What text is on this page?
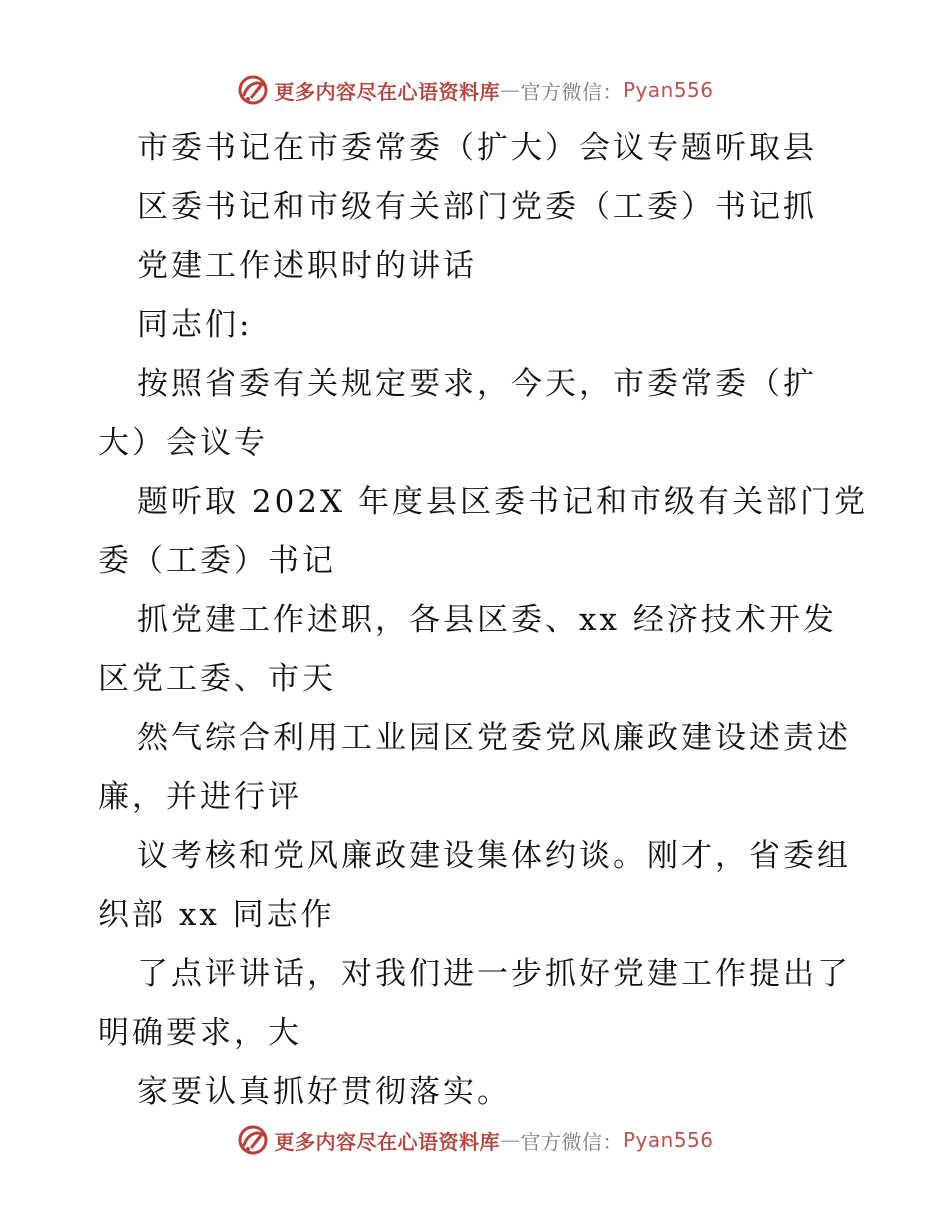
更多内容尽在心语资料库 — 官方微信： Pyan556
市委书记在市委常委（扩大）会议专题听取县
区委书记和市级有关部门党委（工委）书记抓
党建工作述职时的讲话
同志们:
按照省委有关规定要求，今天，市委常委（扩
大）会议专
题听取 202X 年度县区委书记和市级有关部门党
委（工委）书记
抓党建工作述职，各县区委、xx 经济技术开发
区党工委、市天
然气综合利用工业园区党委党风廉政建设述责述
廉，并进行评
议考核和党风廉政建设集体约谈。刚才，省委组
织部 xx 同志作
了点评讲话，对我们进一步抓好党建工作提出了
明确要求，大
家要认真抓好贯彻落实。
更多内容尽在心语资料库 — 官方微信： Pyan556
